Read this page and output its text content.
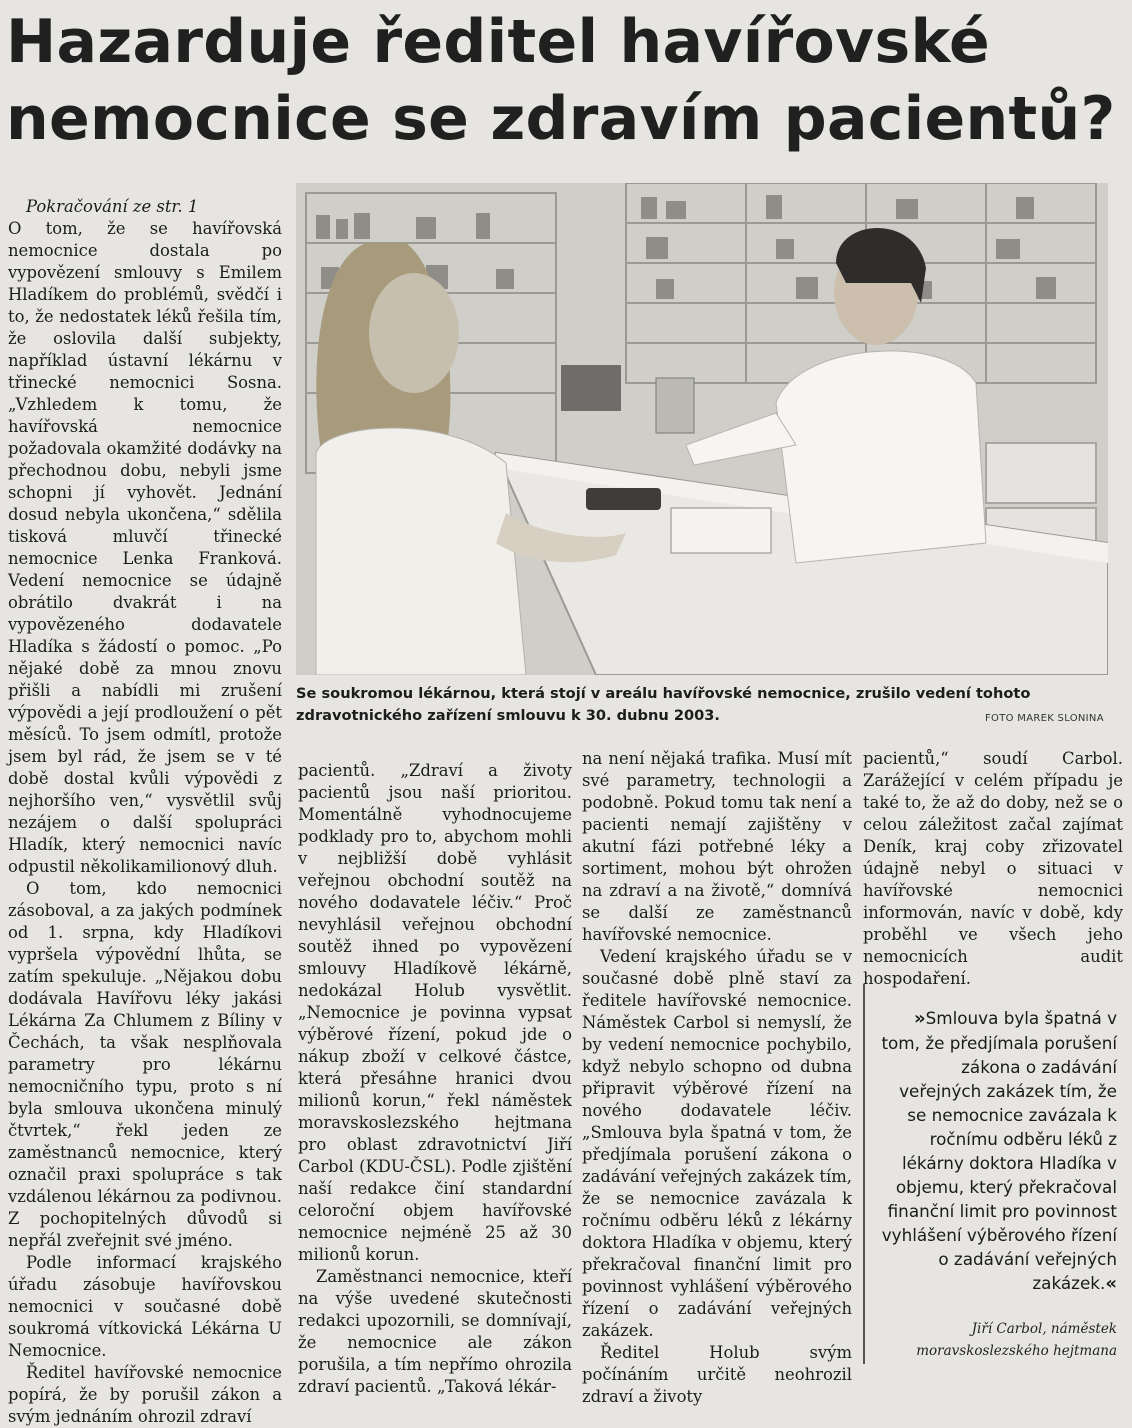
Hazarduje ředitel havířovské
nemocnice se zdravím pacientů?

Pokračování ze str. 1

O tom, že se havířovská nemocnice dostala po vypovězení smlouvy s Emilem Hladíkem do problémů, svědčí i to, že nedostatek léků řešila tím, že oslovila další subjekty, například ústavní lékárnu v třinecké nemocnici Sosna. „Vzhledem k tomu, že havířovská nemocnice požadovala okamžité dodávky na přechodnou dobu, nebyli jsme schopni jí vyhovět. Jednání dosud nebyla ukončena,“ sdělila tisková mluvčí třinecké nemocnice Lenka Franková. Vedení nemocnice se údajně obrátilo dvakrát i na vypovězeného dodavatele Hladíka s žádostí o pomoc. „Po nějaké době za mnou znovu přišli a nabídli mi zrušení výpovědi a její prodloužení o pět měsíců. To jsem odmítl, protože jsem byl rád, že jsem se v té době dostal kvůli výpovědi z nejhoršího ven,“ vysvětlil svůj nezájem o další spolupráci Hladík, který nemocnici navíc odpustil několikamilionový dluh.

O tom, kdo nemocnici zásoboval, a za jakých podmínek od 1. srpna, kdy Hladíkovi vypršela výpovědní lhůta, se zatím spekuluje. „Nějakou dobu dodávala Havířovu léky jakási Lékárna Za Chlumem z Bíliny v Čechách, ta však nesplňovala parametry pro lékárnu nemocničního typu, proto s ní byla smlouva ukončena minulý čtvrtek,“ řekl jeden ze zaměstnanců nemocnice, který označil praxi spolupráce s tak vzdálenou lékárnou za podivnou. Z pochopitelných důvodů si nepřál zveřejnit své jméno.

Podle informací krajského úřadu zásobuje havířovskou nemocnici v současné době soukromá vítkovická Lékárna U Nemocnice.

Ředitel havířovské nemocnice popírá, že by porušil zákon a svým jednáním ohrozil zdraví

Se soukromou lékárnou, která stojí v areálu havířovské nemocnice, zrušilo vedení tohoto zdravotnického zařízení smlouvu k 30. dubnu 2003.	FOTO MAREK SLONINA

pacientů. „Zdraví a životy pacientů jsou naší prioritou. Momentálně vyhodnocujeme podklady pro to, abychom mohli v nejbližší době vyhlásit veřejnou obchodní soutěž na nového dodavatele léčiv.“ Proč nevyhlásil veřejnou obchodní soutěž ihned po vypovězení smlouvy Hladíkově lékárně, nedokázal Holub vysvětlit. „Nemocnice je povinna vypsat výběrové řízení, pokud jde o nákup zboží v celkové částce, která přesáhne hranici dvou milionů korun,“ řekl náměstek moravskoslezského hejtmana pro oblast zdravotnictví Jiří Carbol (KDU-ČSL). Podle zjištění naší redakce činí standardní celoroční objem havířovské nemocnice nejméně 25 až 30 milionů korun.

Zaměstnanci nemocnice, kteří na výše uvedené skutečnosti redakci upozornili, se domnívají, že nemocnice ale zákon porušila, a tím nepřímo ohrozila zdraví pacientů. „Taková lékár-

na není nějaká trafika. Musí mít své parametry, technologii a podobně. Pokud tomu tak není a pacienti nemají zajištěny v akutní fázi potřebné léky a sortiment, mohou být ohrožen na zdraví a na životě,“ domnívá se další ze zaměstnanců havířovské nemocnice.

Vedení krajského úřadu se v současné době plně staví za ředitele havířovské nemocnice. Náměstek Carbol si nemyslí, že by vedení nemocnice pochybilo, když nebylo schopno od dubna připravit výběrové řízení na nového dodavatele léčiv. „Smlouva byla špatná v tom, že předjímala porušení zákona o zadávání veřejných zakázek tím, že se nemocnice zavázala k ročnímu odběru léků z lékárny doktora Hladíka v objemu, který překračoval finanční limit pro povinnost vyhlášení výběrového řízení o zadávání veřejných zakázek.

Ředitel Holub svým počínáním určitě neohrozil zdraví a životy

pacientů,“ soudí Carbol. Zarážející v celém případu je také to, že až do doby, než se o celou záležitost začal zajímat Deník, kraj coby zřizovatel údajně nebyl o situaci v havířovské nemocnici informován, navíc v době, kdy proběhl ve všech jeho nemocnicích audit hospodaření.

»Smlouva byla špatná v tom, že předjímala porušení zákona o zadávání veřejných zakázek tím, že se nemocnice zavázala k ročnímu odběru léků z lékárny doktora Hladíka v objemu, který překračoval finanční limit pro povinnost vyhlášení výběrového řízení o zadávání veřejných zakázek.«
Jiří Carbol, náměstek moravskoslezského hejtmana
